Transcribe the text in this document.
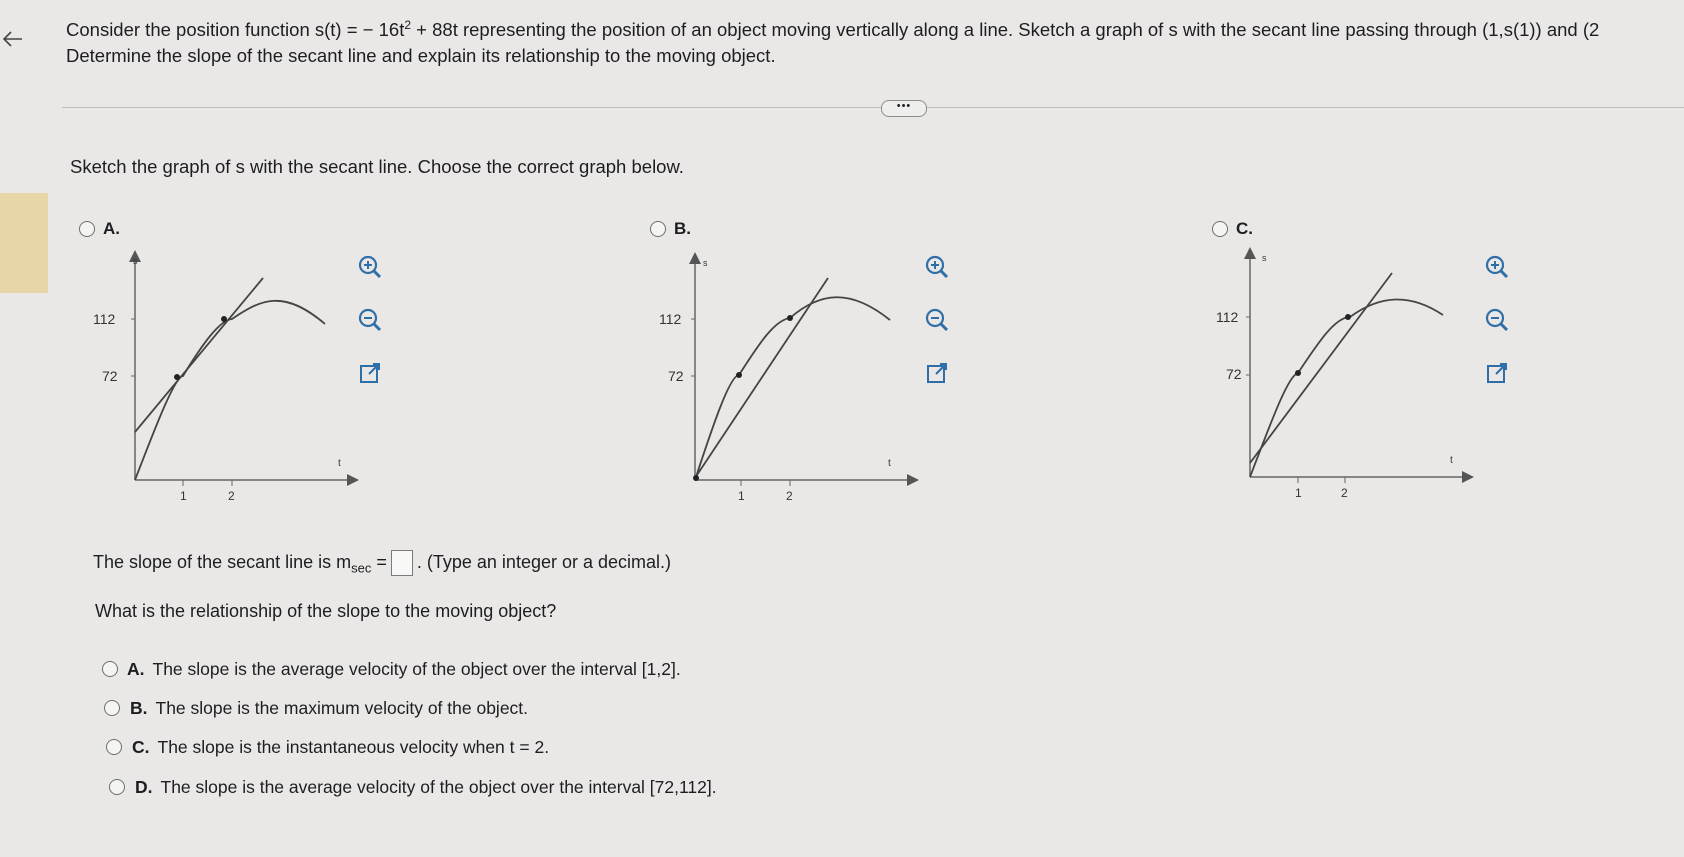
Consider the position function s(t) = − $16t^2 + 88t$ representing the position of an object moving vertically along a line. Sketch a graph of s with the secant line passing through (1,s(1)) and (2
Determine the slope of the secant line and explain its relationship to the moving object.
•••
Sketch the graph of s with the secant line. Choose the correct graph below.
A.
s
t
112
72
1	2
B.
s
t
112
72
1	2
C.
s
t
112
72
1	2
The slope of the secant line is $m_{sec}$ = . (Type an integer or a decimal.)
What is the relationship of the slope to the moving object?
A. The slope is the average velocity of the object over the interval [1,2].
B. The slope is the maximum velocity of the object.
C. The slope is the instantaneous velocity when t = 2.
D. The slope is the average velocity of the object over the interval [72,112].
